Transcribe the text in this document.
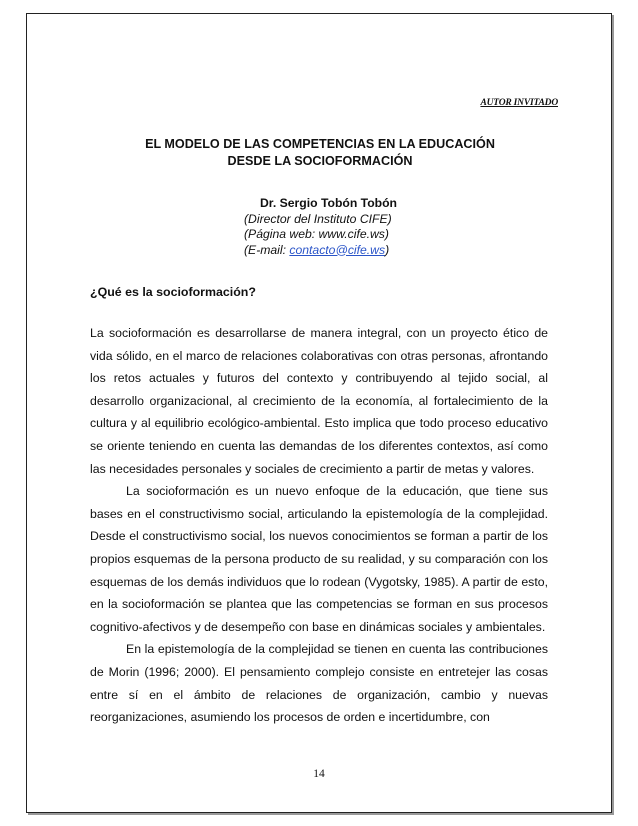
AUTOR INVITADO
EL MODELO DE LAS COMPETENCIAS EN LA EDUCACIÓN
DESDE LA SOCIOFORMACIÓN
Dr. Sergio Tobón Tobón
(Director del Instituto CIFE)
(Página web: www.cife.ws)
(E-mail: contacto@cife.ws)
¿Qué es la socioformación?

La socioformación es desarrollarse de manera integral, con un proyecto ético de vida sólido, en el marco de relaciones colaborativas con otras personas, afrontando los retos actuales y futuros del contexto y contribuyendo al tejido social, al desarrollo organizacional, al crecimiento de la economía, al fortalecimiento de la cultura y al equilibrio ecológico-ambiental. Esto implica que todo proceso educativo se oriente teniendo en cuenta las demandas de los diferentes contextos, así como las necesidades personales y sociales de crecimiento a partir de metas y valores.

La socioformación es un nuevo enfoque de la educación, que tiene sus bases en el constructivismo social, articulando la epistemología de la complejidad. Desde el constructivismo social, los nuevos conocimientos se forman a partir de los propios esquemas de la persona producto de su realidad, y su comparación con los esquemas de los demás individuos que lo rodean (Vygotsky, 1985). A partir de esto, en la socioformación se plantea que las competencias se forman en sus procesos cognitivo-afectivos y de desempeño con base en dinámicas sociales y ambientales.

En la epistemología de la complejidad se tienen en cuenta las contribuciones de Morin (1996; 2000). El pensamiento complejo consiste en entretejer las cosas entre sí en el ámbito de relaciones de organización, cambio y nuevas reorganizaciones, asumiendo los procesos de orden e incertidumbre, con

14
